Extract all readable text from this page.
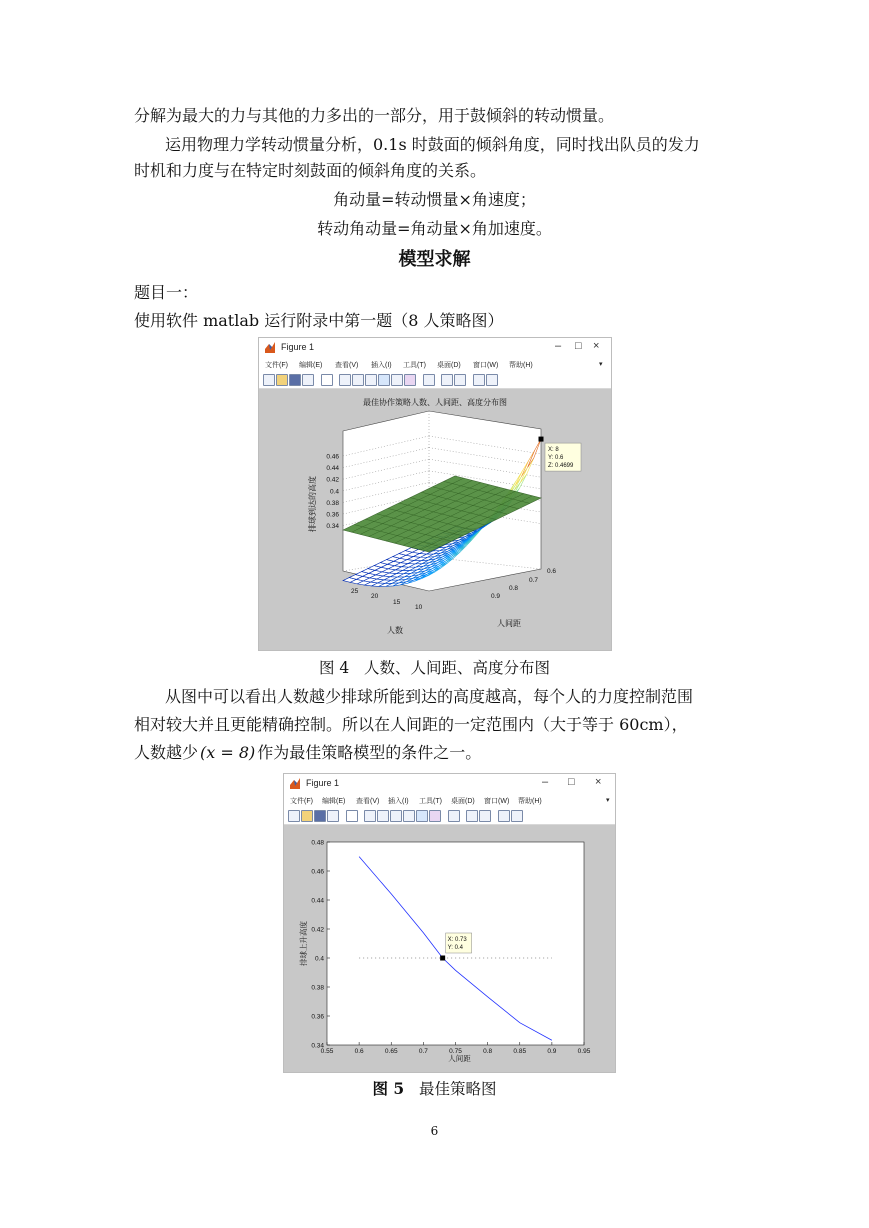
分解为最大的力与其他的力多出的一部分，用于鼓倾斜的转动惯量。
运用物理力学转动惯量分析，0.1s 时鼓面的倾斜角度，同时找出队员的发力
时机和力度与在特定时刻鼓面的倾斜角度的关系。
角动量=转动惯量×角速度；
转动角动量=角动量×角加速度。
模型求解
题目一：
使用软件 matlab 运行附录中第一题（8 人策略图）
Figure 1	– □ ×
文件(F) 编辑(E) 查看(V) 插入(I) 工具(T) 桌面(D) 窗口(W) 帮助(H)	▾
最佳协作策略人数、人间距、高度分布图
0.46
0.44
0.42
0.4
0.38
0.36
0.34
排球到达的高度
25
20
15
10
人数
0.6
0.7
0.8
0.9
人间距
X: 8
Y: 0.6
Z: 0.4699
图 4 人数、人间距、高度分布图
从图中可以看出人数越少排球所能到达的高度越高，每个人的力度控制范围
相对较大并且更能精确控制。所以在人间距的一定范围内（大于等于 60cm），
人数越少 (x = 8) 作为最佳策略模型的条件之一。
Figure 1	– □ ×
文件(F) 编辑(E) 查看(V) 插入(I) 工具(T) 桌面(D) 窗口(W) 帮助(H)	▾
0.34
0.36
0.38
0.4
0.42
0.44
0.46
0.48
0.55	0.6	0.65	0.7	0.75	0.8	0.85	0.9	0.95
人间距
排球上升高度	X: 0.73
Y: 0.4
图 5 最佳策略图
6
